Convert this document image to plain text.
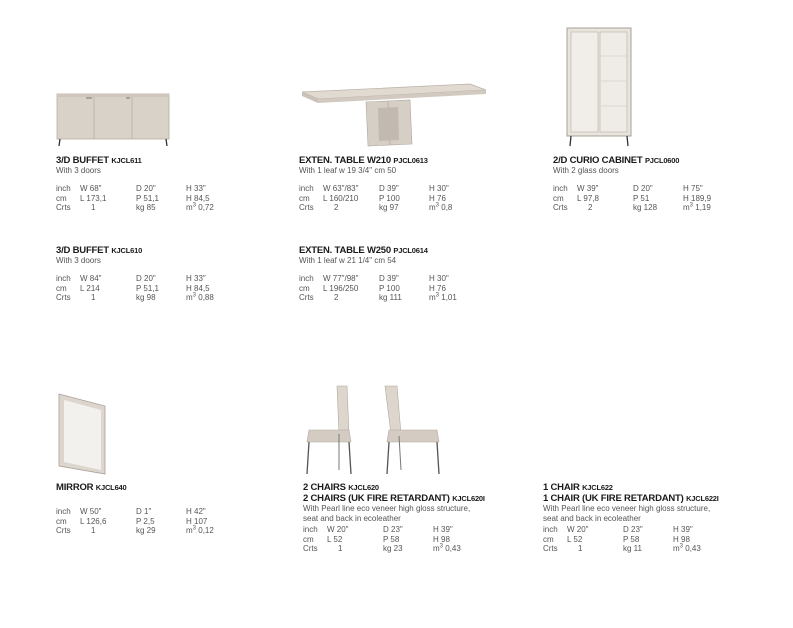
3/D BUFFET KJCL611
With 3 doors
inch W 68"	D 20"	H 33"
cm L 173,1	P 51,1	H 84,5
Crts	1	kg 85	$m^3$ 0,72
3/D BUFFET KJCL610
With 3 doors
inch W 84"	D 20"	H 33"
cm L 214	P 51,1	H 84,5
Crts	1	kg 98	$m^3$ 0,88
EXTEN. TABLE W210 PJCL0613
With 1 leaf w 19 3/4" cm 50
inch W 63"/83"	D 39"	H 30"
cm L 160/210	P 100	H 76
Crts	2	kg 97	$m^3$ 0,8
EXTEN. TABLE W250 PJCL0614
With 1 leaf w 21 1/4" cm 54
inch W 77"/98"	D 39"	H 30"
cm L 196/250	P 100	H 76
Crts	2	kg 111	$m^3$ 1,01
2/D CURIO CABINET PJCL0600
With 2 glass doors
inch W 39"	D 20"	H 75"
cm L 97,8	P 51	H 189,9
Crts	2	kg 128	$m^3$ 1,19
MIRROR KJCL640
inch W 50"	D 1"	H 42"
cm L 126,6	P 2,5	H 107
Crts	1	kg 29	$m^3$ 0,12
2 CHAIRS KJCL620
2 CHAIRS (UK FIRE RETARDANT) KJCL620I
With Pearl line eco veneer high gloss structure,
seat and back in ecoleather
inch W 20"	D 23"	H 39"
cm L 52	P 58	H 98
Crts	1	kg 23	$m^3$ 0,43
1 CHAIR KJCL622
1 CHAIR (UK FIRE RETARDANT) KJCL622I
With Pearl line eco veneer high gloss structure,
seat and back in ecoleather
inch W 20"	D 23"	H 39"
cm L 52	P 58	H 98
Crts	1	kg 11	$m^3$ 0,43
